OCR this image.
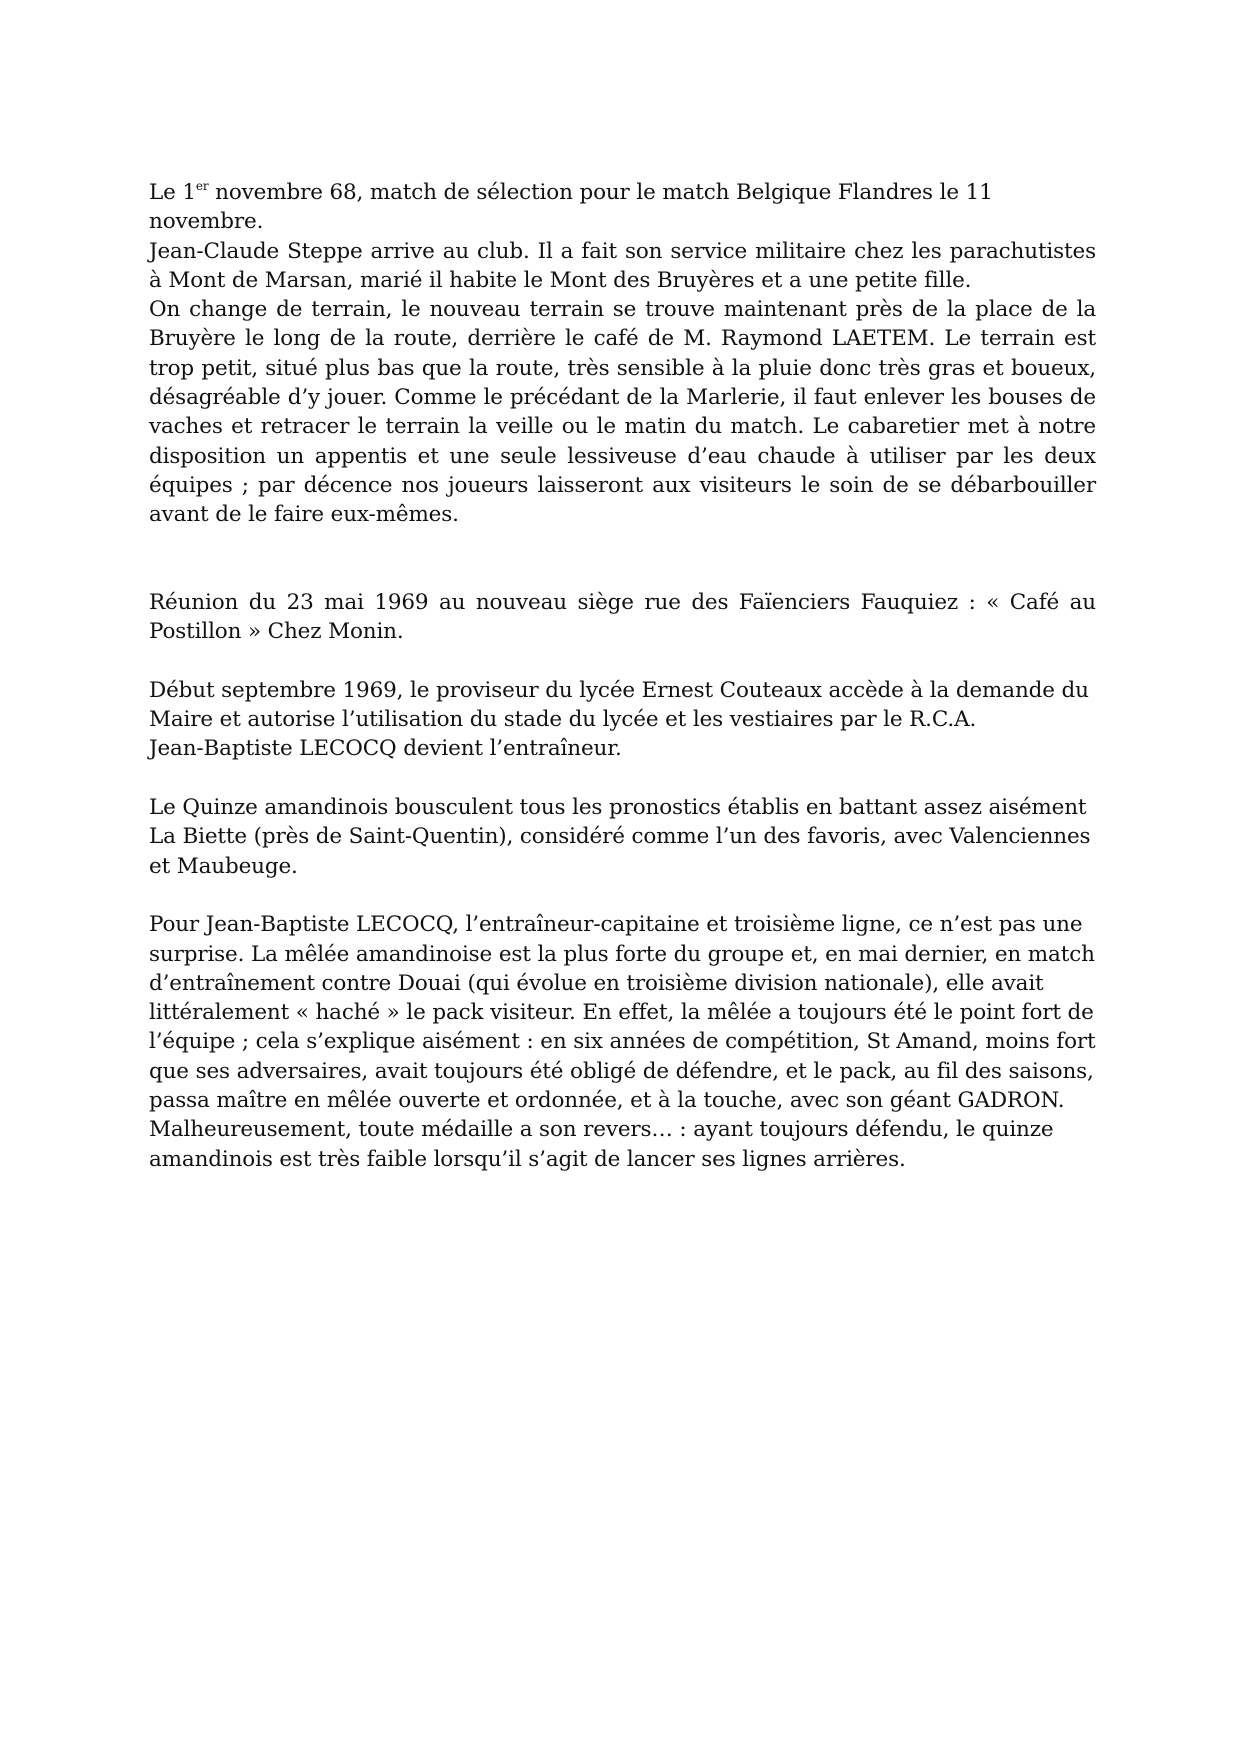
Le 1er novembre 68, match de sélection pour le match Belgique Flandres le 11 novembre.

Jean-Claude Steppe arrive au club. Il a fait son service militaire chez les parachutistes à Mont de Marsan, marié il habite le Mont des Bruyères et a une petite fille.

On change de terrain, le nouveau terrain se trouve maintenant près de la place de la Bruyère le long de la route, derrière le café de M. Raymond LAETEM. Le terrain est trop petit, situé plus bas que la route, très sensible à la pluie donc très gras et boueux, désagréable d’y jouer. Comme le précédant de la Marlerie, il faut enlever les bouses de vaches et retracer le terrain la veille ou le matin du match. Le cabaretier met à notre disposition un appentis et une seule lessiveuse d’eau chaude à utiliser par les deux équipes ; par décence nos joueurs laisseront aux visiteurs le soin de se débarbouiller avant de le faire eux-mêmes.

Réunion du 23 mai 1969 au nouveau siège rue des Faïenciers Fauquiez : « Café au Postillon » Chez Monin.

Début septembre 1969, le proviseur du lycée Ernest Couteaux accède à la demande du Maire et autorise l’utilisation du stade du lycée et les vestiaires par le R.C.A.

Jean-Baptiste LECOCQ devient l’entraîneur.

Le Quinze amandinois bousculent tous les pronostics établis en battant assez aisément La Biette (près de Saint-Quentin), considéré comme l’un des favoris, avec Valenciennes et Maubeuge.

Pour Jean-Baptiste LECOCQ, l’entraîneur-capitaine et troisième ligne, ce n’est pas une surprise. La mêlée amandinoise est la plus forte du groupe et, en mai dernier, en match d’entraînement contre Douai (qui évolue en troisième division nationale), elle avait littéralement « haché » le pack visiteur. En effet, la mêlée a toujours été le point fort de l’équipe ; cela s’explique aisément : en six années de compétition, St Amand, moins fort que ses adversaires, avait toujours été obligé de défendre, et le pack, au fil des saisons, passa maître en mêlée ouverte et ordonnée, et à la touche, avec son géant GADRON. Malheureusement, toute médaille a son revers… : ayant toujours défendu, le quinze amandinois est très faible lorsqu’il s’agit de lancer ses lignes arrières.
